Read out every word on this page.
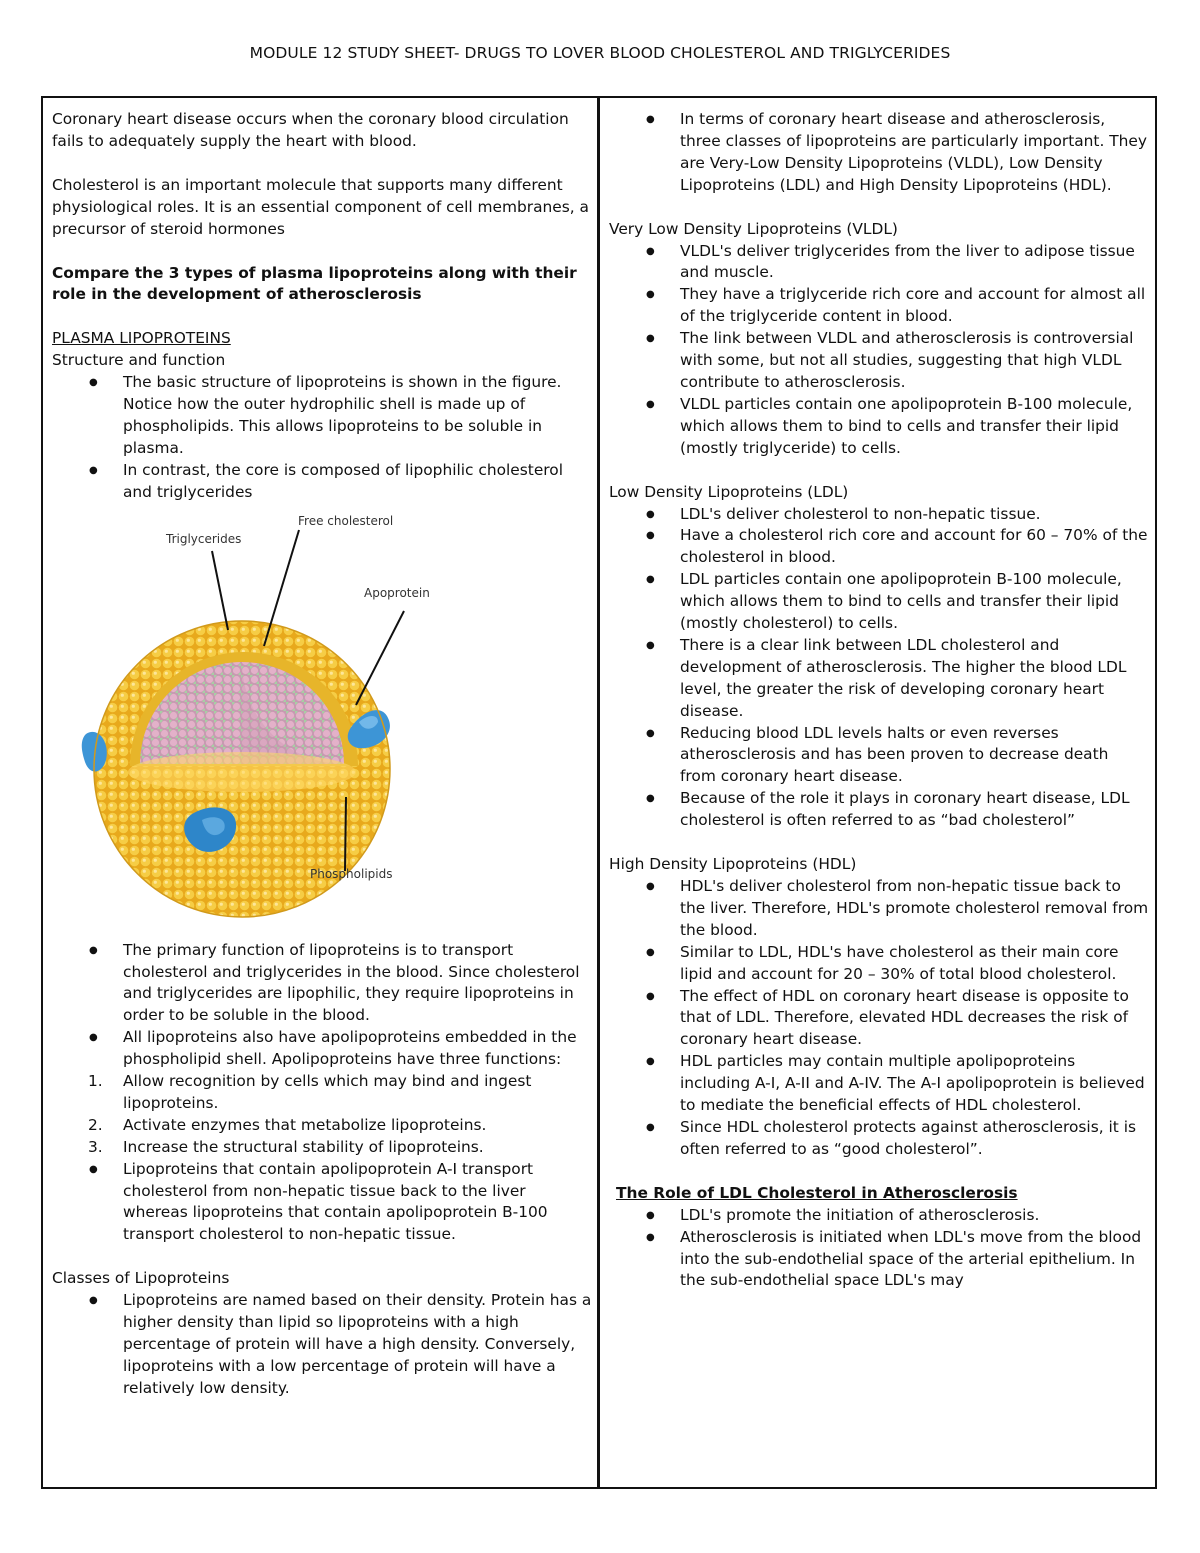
MODULE 12 STUDY SHEET- DRUGS TO LOVER BLOOD CHOLESTEROL AND TRIGLYCERIDES

Coronary heart disease occurs when the coronary blood circulation fails to adequately supply the heart with blood.

Cholesterol is an important molecule that supports many different physiological roles. It is an essential component of cell membranes, a precursor of steroid hormones

Compare the 3 types of plasma lipoproteins along with their role in the development of atherosclerosis

PLASMA LIPOPROTEINS

Structure and function

● The basic structure of lipoproteins is shown in the figure. Notice how the outer hydrophilic shell is made up of phospholipids. This allows lipoproteins to be soluble in plasma.
● In contrast, the core is composed of lipophilic cholesterol and triglycerides
Free cholesterol
Triglycerides
Apoprotein
Phospholipids
● The primary function of lipoproteins is to transport cholesterol and triglycerides in the blood. Since cholesterol and triglycerides are lipophilic, they require lipoproteins in order to be soluble in the blood.
● All lipoproteins also have apolipoproteins embedded in the phospholipid shell. Apolipoproteins have three functions:
1. Allow recognition by cells which may bind and ingest lipoproteins.
2. Activate enzymes that metabolize lipoproteins.
3. Increase the structural stability of lipoproteins.
● Lipoproteins that contain apolipoprotein A-I transport cholesterol from non-hepatic tissue back to the liver whereas lipoproteins that contain apolipoprotein B-100 transport cholesterol to non-hepatic tissue.

Classes of Lipoproteins

● Lipoproteins are named based on their density. Protein has a higher density than lipid so lipoproteins with a high percentage of protein will have a high density. Conversely, lipoproteins with a low percentage of protein will have a relatively low density.
● In terms of coronary heart disease and atherosclerosis, three classes of lipoproteins are particularly important. They are Very-Low Density Lipoproteins (VLDL), Low Density Lipoproteins (LDL) and High Density Lipoproteins (HDL).

Very Low Density Lipoproteins (VLDL)

● VLDL's deliver triglycerides from the liver to adipose tissue and muscle.
● They have a triglyceride rich core and account for almost all of the triglyceride content in blood.
● The link between VLDL and atherosclerosis is controversial with some, but not all studies, suggesting that high VLDL contribute to atherosclerosis.
● VLDL particles contain one apolipoprotein B-100 molecule, which allows them to bind to cells and transfer their lipid (mostly triglyceride) to cells.

Low Density Lipoproteins (LDL)

● LDL's deliver cholesterol to non-hepatic tissue.
● Have a cholesterol rich core and account for 60 – 70% of the cholesterol in blood.
● LDL particles contain one apolipoprotein B-100 molecule, which allows them to bind to cells and transfer their lipid (mostly cholesterol) to cells.
● There is a clear link between LDL cholesterol and development of atherosclerosis. The higher the blood LDL level, the greater the risk of developing coronary heart disease.
● Reducing blood LDL levels halts or even reverses atherosclerosis and has been proven to decrease death from coronary heart disease.
● Because of the role it plays in coronary heart disease, LDL cholesterol is often referred to as “bad cholesterol”

High Density Lipoproteins (HDL)

● HDL's deliver cholesterol from non-hepatic tissue back to the liver. Therefore, HDL's promote cholesterol removal from the blood.
● Similar to LDL, HDL's have cholesterol as their main core lipid and account for 20 – 30% of total blood cholesterol.
● The effect of HDL on coronary heart disease is opposite to that of LDL. Therefore, elevated HDL decreases the risk of coronary heart disease.
● HDL particles may contain multiple apolipoproteins including A-I, A-II and A-IV. The A-I apolipoprotein is believed to mediate the beneficial effects of HDL cholesterol.
● Since HDL cholesterol protects against atherosclerosis, it is often referred to as “good cholesterol”.

The Role of LDL Cholesterol in Atherosclerosis

● LDL's promote the initiation of atherosclerosis.
● Atherosclerosis is initiated when LDL's move from the blood into the sub-endothelial space of the arterial epithelium. In the sub-endothelial space LDL's may
